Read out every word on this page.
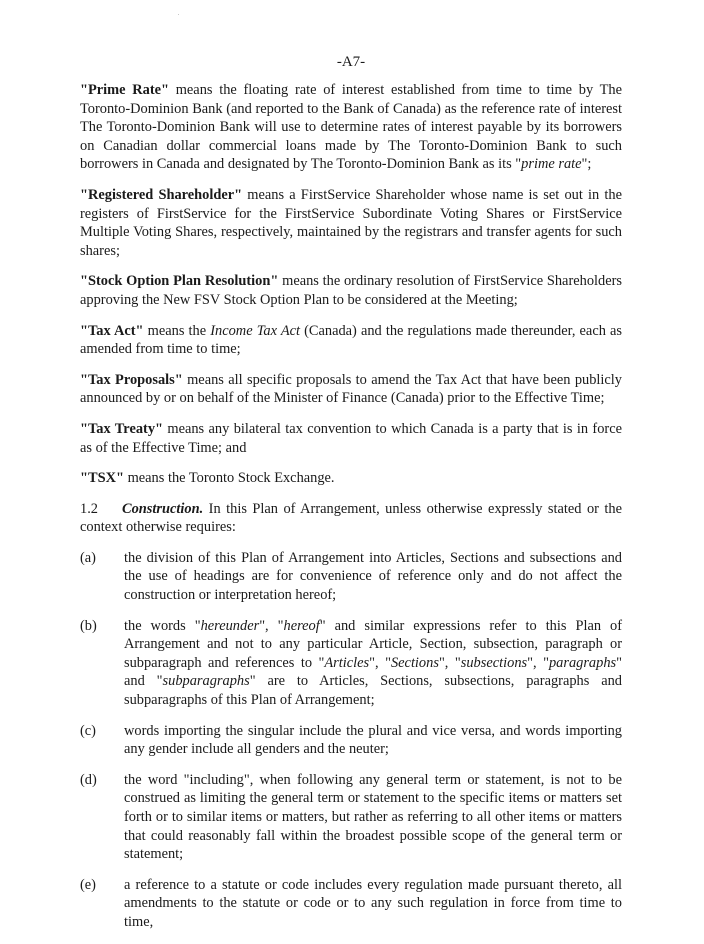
-A7-

"Prime Rate" means the floating rate of interest established from time to time by The Toronto-Dominion Bank (and reported to the Bank of Canada) as the reference rate of interest The Toronto-Dominion Bank will use to determine rates of interest payable by its borrowers on Canadian dollar commercial loans made by The Toronto-Dominion Bank to such borrowers in Canada and designated by The Toronto-Dominion Bank as its "prime rate";

"Registered Shareholder" means a FirstService Shareholder whose name is set out in the registers of FirstService for the FirstService Subordinate Voting Shares or FirstService Multiple Voting Shares, respectively, maintained by the registrars and transfer agents for such shares;

"Stock Option Plan Resolution" means the ordinary resolution of FirstService Shareholders approving the New FSV Stock Option Plan to be considered at the Meeting;

"Tax Act" means the Income Tax Act (Canada) and the regulations made thereunder, each as amended from time to time;

"Tax Proposals" means all specific proposals to amend the Tax Act that have been publicly announced by or on behalf of the Minister of Finance (Canada) prior to the Effective Time;

"Tax Treaty" means any bilateral tax convention to which Canada is a party that is in force as of the Effective Time; and

"TSX" means the Toronto Stock Exchange.

1.2 Construction. In this Plan of Arrangement, unless otherwise expressly stated or the context otherwise requires:

(a)	the division of this Plan of Arrangement into Articles, Sections and subsections and the use of headings are for convenience of reference only and do not affect the construction or interpretation hereof;
(b)	the words "hereunder", "hereof" and similar expressions refer to this Plan of Arrangement and not to any particular Article, Section, subsection, paragraph or subparagraph and references to "Articles", "Sections", "subsections", "paragraphs" and "subparagraphs" are to Articles, Sections, subsections, paragraphs and subparagraphs of this Plan of Arrangement;
(c)	words importing the singular include the plural and vice versa, and words importing any gender include all genders and the neuter;
(d)	the word "including", when following any general term or statement, is not to be construed as limiting the general term or statement to the specific items or matters set forth or to similar items or matters, but rather as referring to all other items or matters that could reasonably fall within the broadest possible scope of the general term or statement;
(e)	a reference to a statute or code includes every regulation made pursuant thereto, all amendments to the statute or code or to any such regulation in force from time to time,
